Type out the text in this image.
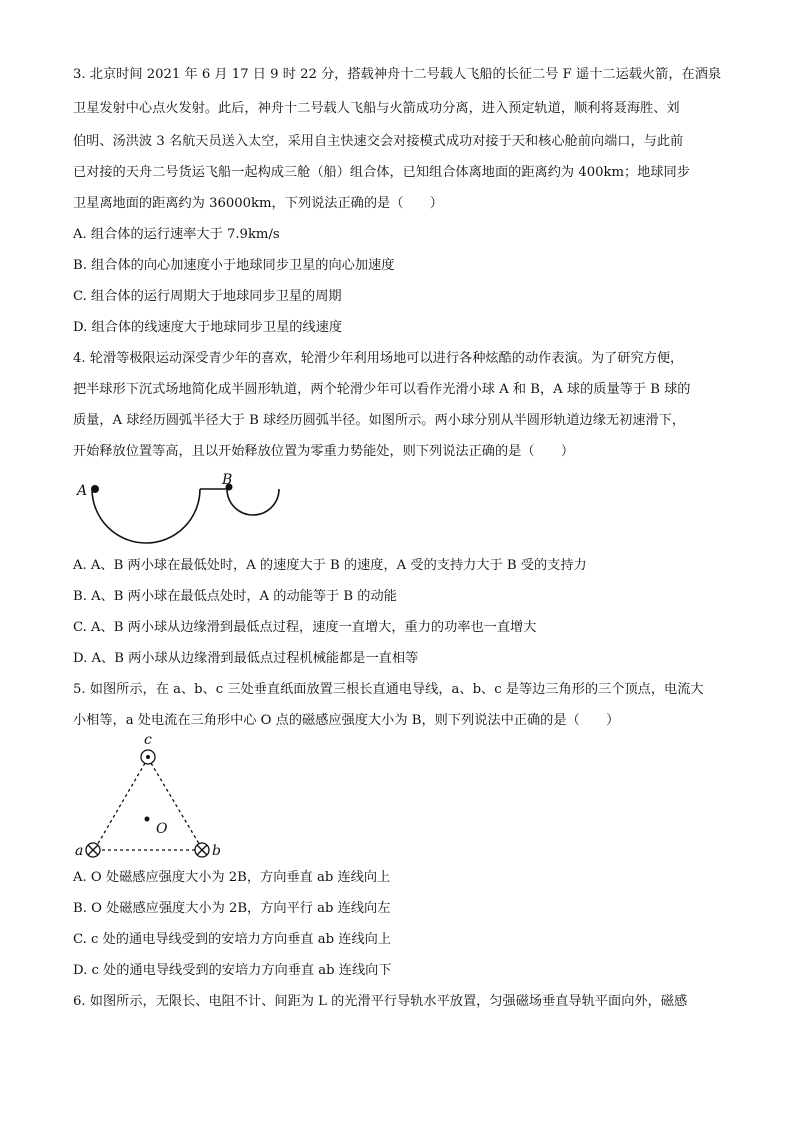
3. 北京时间 2021 年 6 月 17 日 9 时 22 分，搭载神舟十二号载人飞船的长征二号 F 遥十二运载火箭，在酒泉
卫星发射中心点火发射。此后，神舟十二号载人飞船与火箭成功分离，进入预定轨道，顺利将聂海胜、刘
伯明、汤洪波 3 名航天员送入太空，采用自主快速交会对接模式成功对接于天和核心舱前向端口，与此前
已对接的天舟二号货运飞船一起构成三舱（船）组合体，已知组合体离地面的距离约为 400km；地球同步
卫星离地面的距离约为 36000km，下列说法正确的是（　　）
A. 组合体的运行速率大于 7.9km/s
B. 组合体的向心加速度小于地球同步卫星的向心加速度
C. 组合体的运行周期大于地球同步卫星的周期
D. 组合体的线速度大于地球同步卫星的线速度
4. 轮滑等极限运动深受青少年的喜欢，轮滑少年利用场地可以进行各种炫酷的动作表演。为了研究方便，
把半球形下沉式场地简化成半圆形轨道，两个轮滑少年可以看作光滑小球 A 和 B，A 球的质量等于 B 球的
质量，A 球经历圆弧半径大于 B 球经历圆弧半径。如图所示。两小球分别从半圆形轨道边缘无初速滑下，
开始释放位置等高，且以开始释放位置为零重力势能处，则下列说法正确的是（　　）
A
B
A. A、B 两小球在最低处时，A 的速度大于 B 的速度，A 受的支持力大于 B 受的支持力
B. A、B 两小球在最低点处时，A 的动能等于 B 的动能
C. A、B 两小球从边缘滑到最低点过程，速度一直增大，重力的功率也一直增大
D. A、B 两小球从边缘滑到最低点过程机械能都是一直相等
5. 如图所示，在 a、b、c 三处垂直纸面放置三根长直通电导线，a、b、c 是等边三角形的三个顶点，电流大
小相等，a 处电流在三角形中心 O 点的磁感应强度大小为 B，则下列说法中正确的是（　　）
O
c
a	b
A. O 处磁感应强度大小为 2B，方向垂直 ab 连线向上
B. O 处磁感应强度大小为 2B，方向平行 ab 连线向左
C. c 处的通电导线受到的安培力方向垂直 ab 连线向上
D. c 处的通电导线受到的安培力方向垂直 ab 连线向下
6. 如图所示，无限长、电阻不计、间距为 L 的光滑平行导轨水平放置，匀强磁场垂直导轨平面向外，磁感
